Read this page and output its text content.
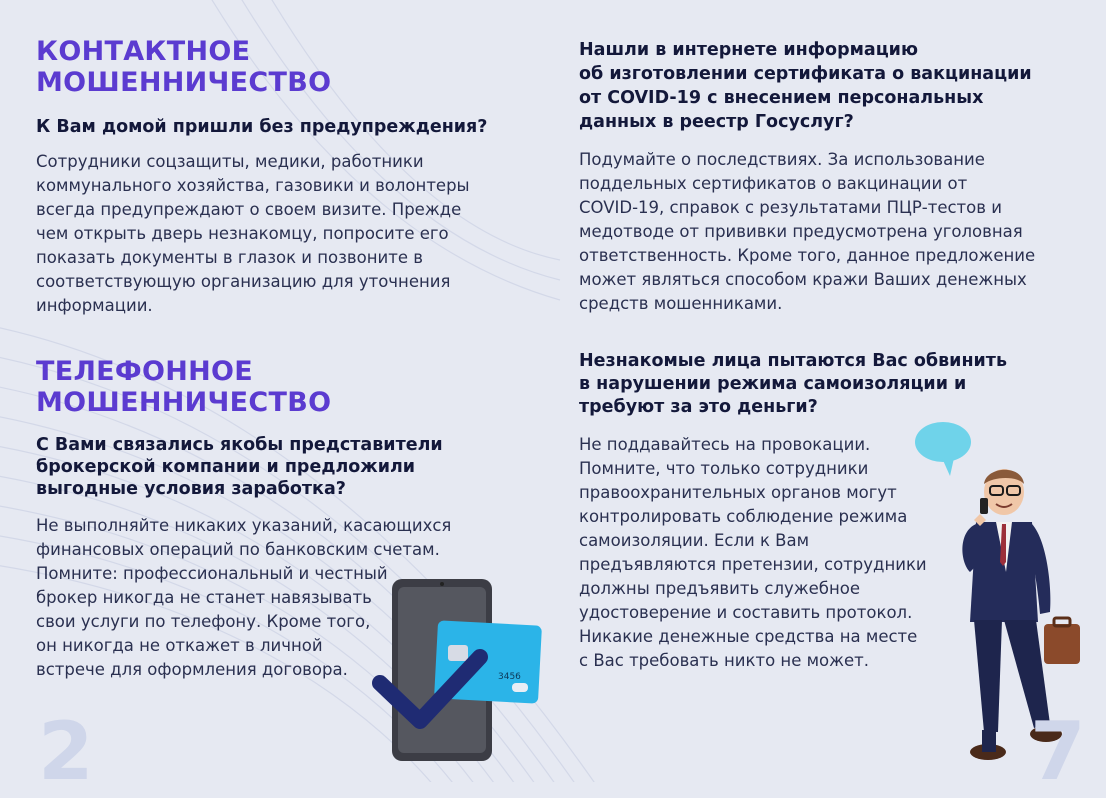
КОНТАКТНОЕ МОШЕННИЧЕСТВО

К Вам домой пришли без предупреждения?

Сотрудники соцзащиты, медики, работники
коммунального хозяйства, газовики и волонтеры
всегда предупреждают о своем визите. Прежде
чем открыть дверь незнакомцу, попросите его
показать документы в глазок и позвоните в
соответствующую организацию для уточнения
информации.

ТЕЛЕФОННОЕ МОШЕННИЧЕСТВО

С Вами связались якобы представители
брокерской компании и предложили
выгодные условия заработка?

Не выполняйте никаких указаний, касающихся
финансовых операций по банковским счетам.
Помните: профессиональный и честный
брокер никогда не станет навязывать
свои услуги по телефону. Кроме того,
он никогда не откажет в личной
встрече для оформления договора.	3456
2

Нашли в интернете информацию
об изготовлении сертификата о вакцинации
от COVID-19 с внесением персональных
данных в реестр Госуслуг?

Подумайте о последствиях. За использование
поддельных сертификатов о вакцинации от
COVID-19, справок с результатами ПЦР-тестов и
медотводе от прививки предусмотрена уголовная
ответственность. Кроме того, данное предложение
может являться способом кражи Ваших денежных
средств мошенниками.

Незнакомые лица пытаются Вас обвинить
в нарушении режима самоизоляции и
требуют за это деньги?

Не поддавайтесь на провокации.
Помните, что только сотрудники
правоохранительных органов могут
контролировать соблюдение режима
самоизоляции. Если к Вам
предъявляются претензии, сотрудники
должны предъявить служебное
удостоверение и составить протокол.
Никакие денежные средства на месте
с Вас требовать никто не может.

7
